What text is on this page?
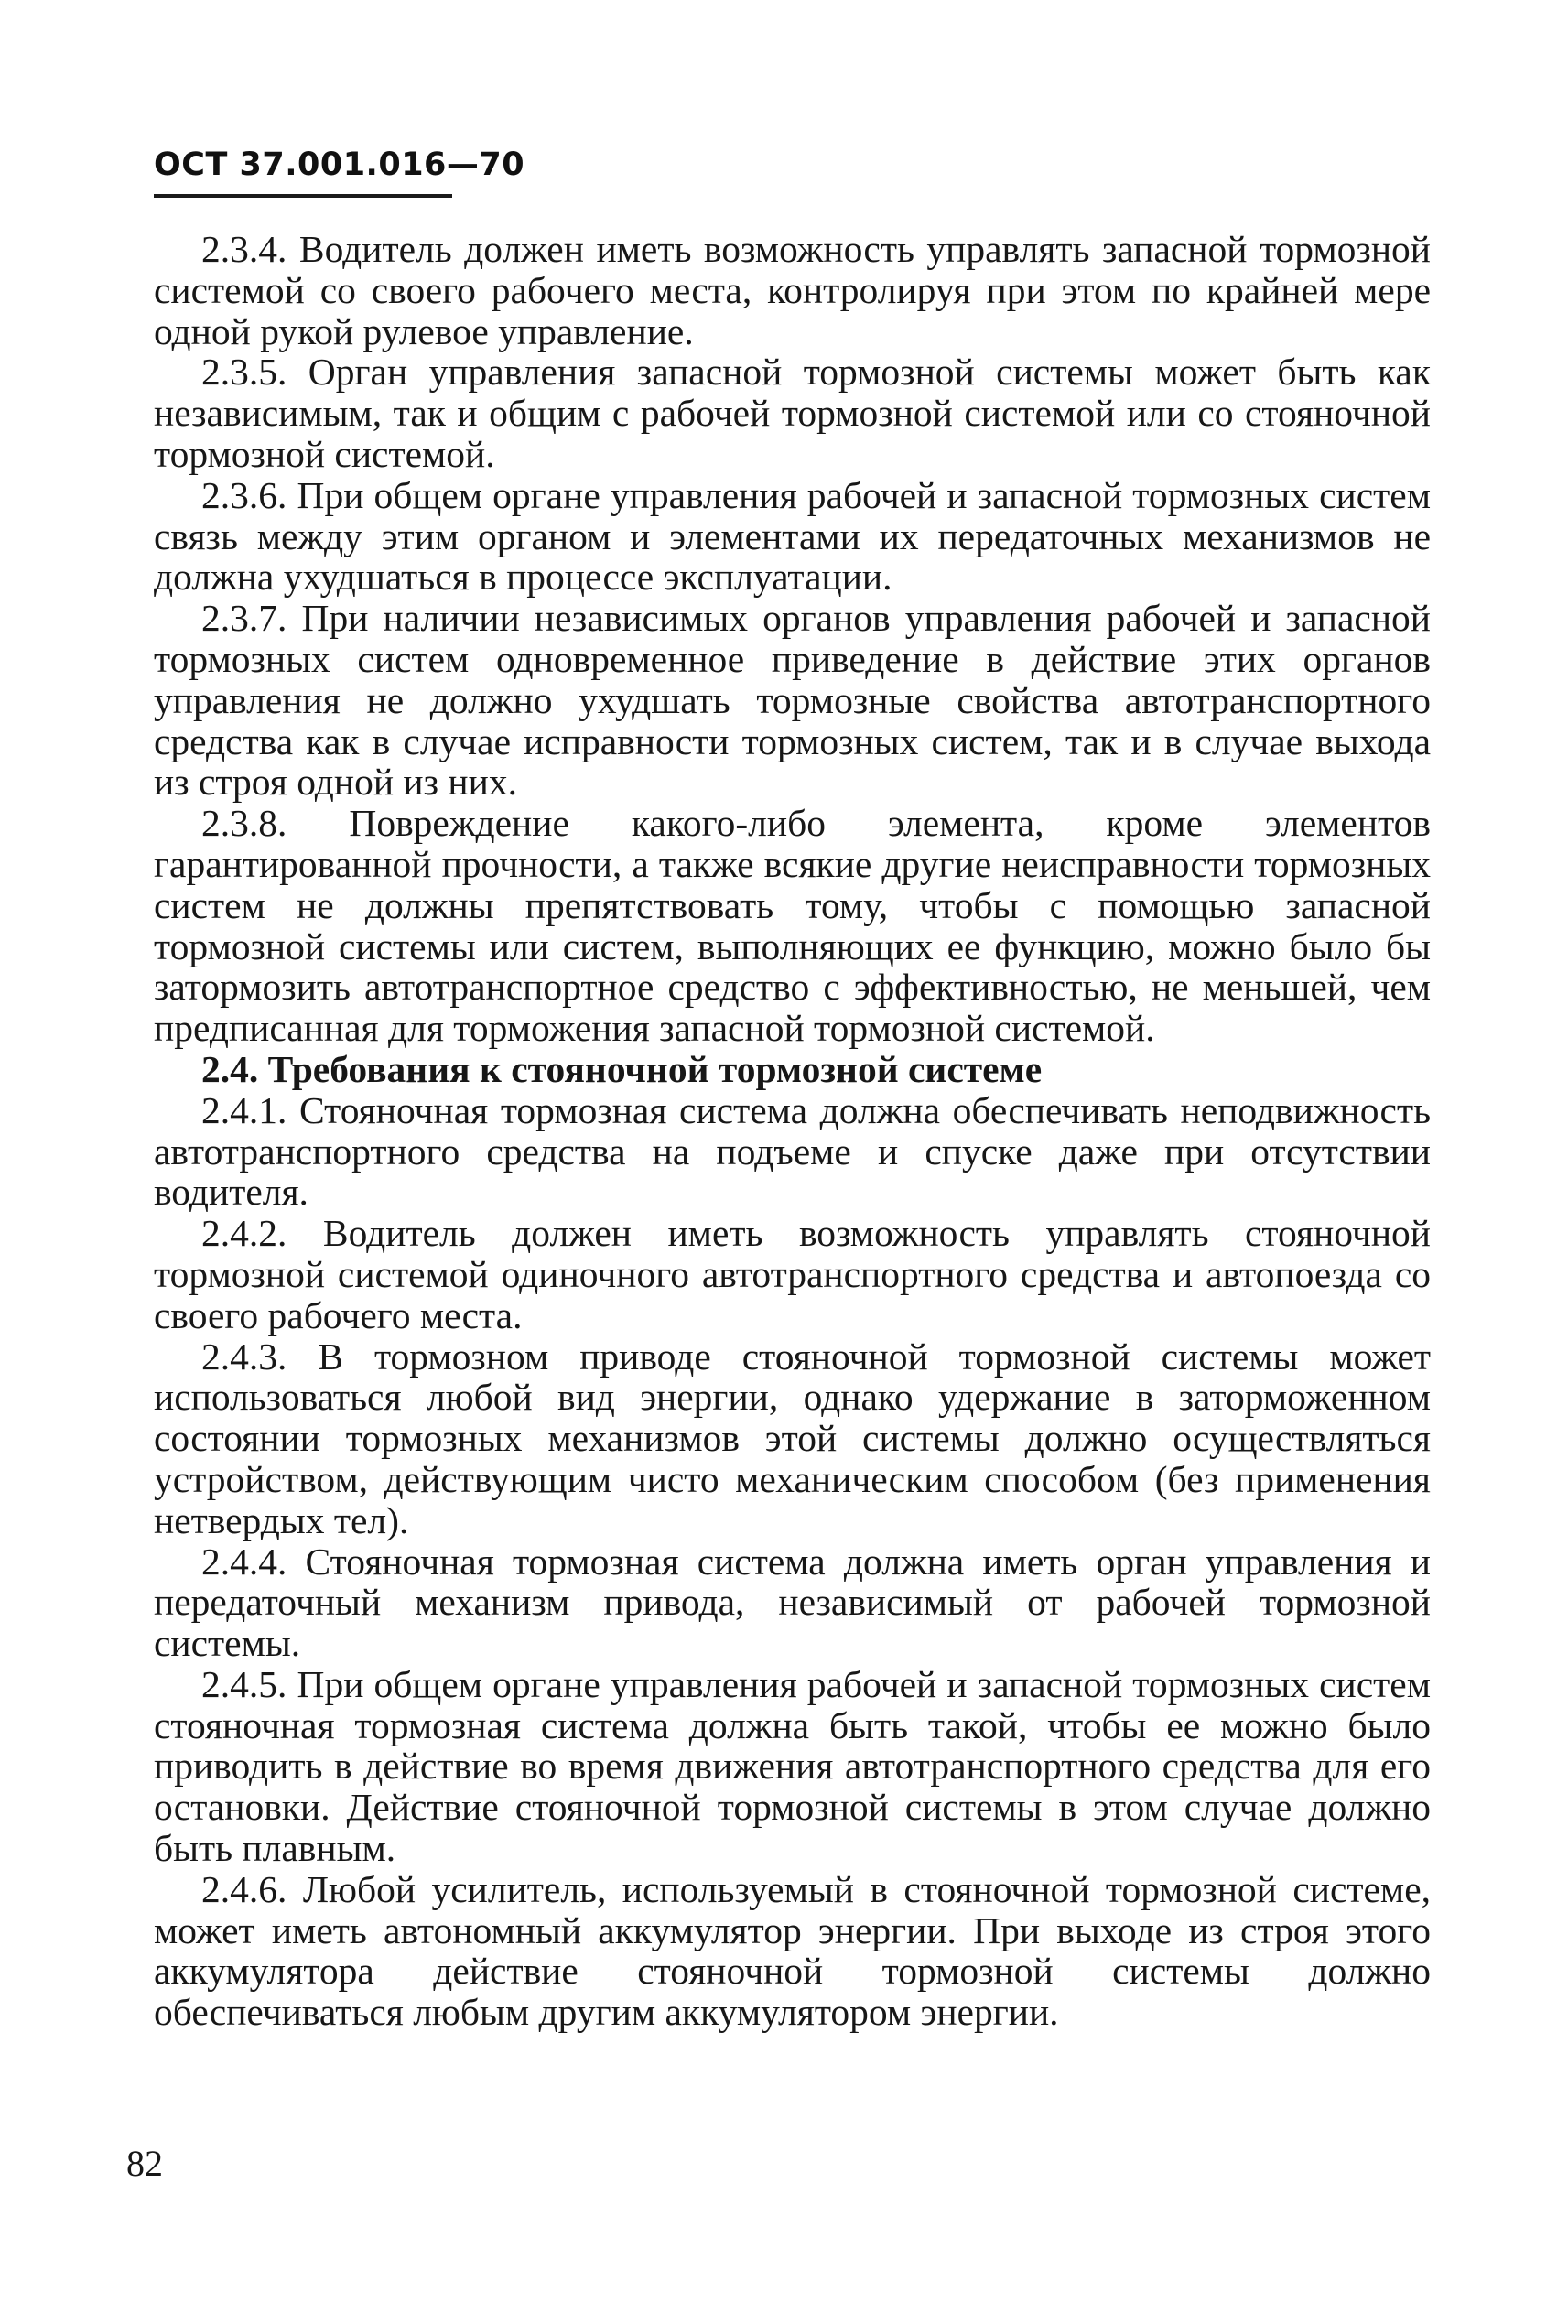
ОСТ 37.001.016—70

2.3.4. Водитель должен иметь возможность управлять запасной тормозной системой со своего рабочего места, контролируя при этом по крайней мере одной рукой рулевое управление.

2.3.5. Орган управления запасной тормозной системы может быть как независимым, так и общим с рабочей тормозной системой или со стояночной тормозной системой.

2.3.6. При общем органе управления рабочей и запасной тормозных систем связь между этим органом и элементами их передаточных механизмов не должна ухудшаться в процессе эксплуатации.

2.3.7. При наличии независимых органов управления рабочей и запасной тормозных систем одновременное приведение в действие этих органов управления не должно ухудшать тормозные свойства автотранспортного средства как в случае исправности тормозных систем, так и в случае выхода из строя одной из них.

2.3.8. Повреждение какого-либо элемента, кроме элементов гарантированной прочности, а также всякие другие неисправности тормозных систем не должны препятствовать тому, чтобы с помощью запасной тормозной системы или систем, выполняющих ее функцию, можно было бы затормозить автотранспортное средство с эффективностью, не меньшей, чем предписанная для торможения запасной тормозной системой.

2.4. Требования к стояночной тормозной системе

2.4.1. Стояночная тормозная система должна обеспечивать неподвижность автотранспортного средства на подъеме и спуске даже при отсутствии водителя.

2.4.2. Водитель должен иметь возможность управлять стояночной тормозной системой одиночного автотранспортного средства и автопоезда со своего рабочего места.

2.4.3. В тормозном приводе стояночной тормозной системы может использоваться любой вид энергии, однако удержание в заторможенном состоянии тормозных механизмов этой системы должно осуществляться устройством, действующим чисто механическим способом (без применения нетвердых тел).

2.4.4. Стояночная тормозная система должна иметь орган управления и передаточный механизм привода, независимый от рабочей тормозной системы.

2.4.5. При общем органе управления рабочей и запасной тормозных систем стояночная тормозная система должна быть такой, чтобы ее можно было приводить в действие во время движения автотранспортного средства для его остановки. Действие стояночной тормозной системы в этом случае должно быть плавным.

2.4.6. Любой усилитель, используемый в стояночной тормозной системе, может иметь автономный аккумулятор энергии. При выходе из строя этого аккумулятора действие стояночной тормозной системы должно обеспечиваться любым другим аккумулятором энергии.

82
